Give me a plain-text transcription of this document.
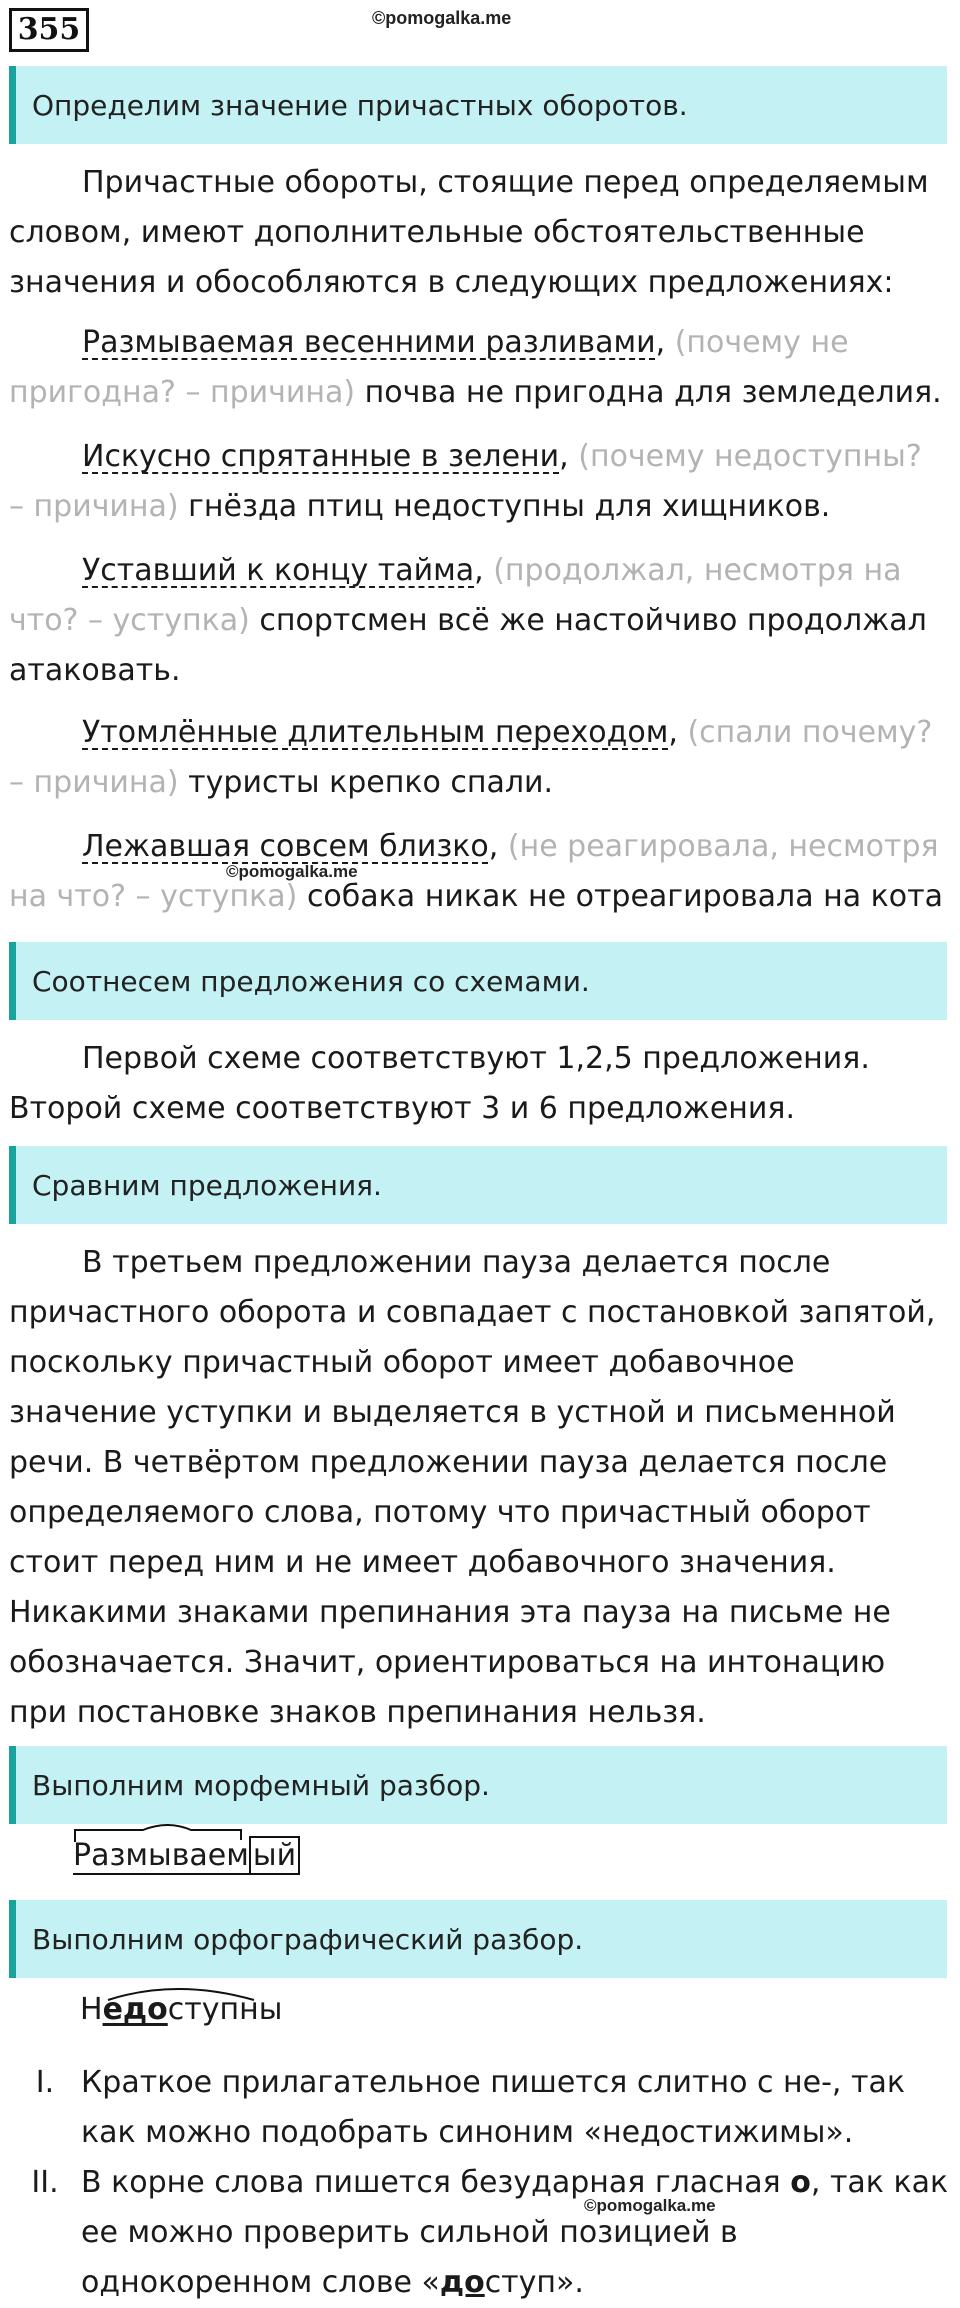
355	©pomogalka.me
Определим значение причастных оборотов.

Причастные обороты, стоящие перед определяемым словом, имеют дополнительные обстоятельственные значения и обособляются в следующих предложениях:

Размываемая весенними разливами, (почему не пригодна? – причина) почва не пригодна для земледелия.

Искусно спрятанные в зелени, (почему недоступны? – причина) гнёзда птиц недоступны для хищников.

Уставший к концу тайма, (продолжал, несмотря на что? – уступка) спортсмен всё же настойчиво продолжал атаковать.

Утомлённые длительным переходом, (спали почему? – причина) туристы крепко спали.

Лежавшая совсем близко, (не реагировала, несмотря на что? – уступка) собака никак не отреагировала на кота

©pomogalka.me
Соотнесем предложения со схемами.

Первой схеме соответствуют 1,2,5 предложения.

Второй схеме соответствуют 3 и 6 предложения.

Сравним предложения.

В третьем предложении пауза делается после причастного оборота и совпадает с постановкой запятой, поскольку причастный оборот имеет добавочное значение уступки и выделяется в устной и письменной речи. В четвёртом предложении пауза делается после определяемого слова, потому что причастный оборот стоит перед ним и не имеет добавочного значения. Никакими знаками препинания эта пауза на письме не обозначается. Значит, ориентироваться на интонацию при постановке знаков препинания нельзя.

Выполним морфемный разбор.
Размываем ый
Выполним орфографический разбор.
Недоступны
I. Краткое прилагательное пишется слитно с не-, так как можно подобрать синоним «недостижимы».
II. В корне слова пишется безударная гласная о, так как ее можно проверить сильной позицией в однокоренном слове «доступ».
©pomogalka.me
